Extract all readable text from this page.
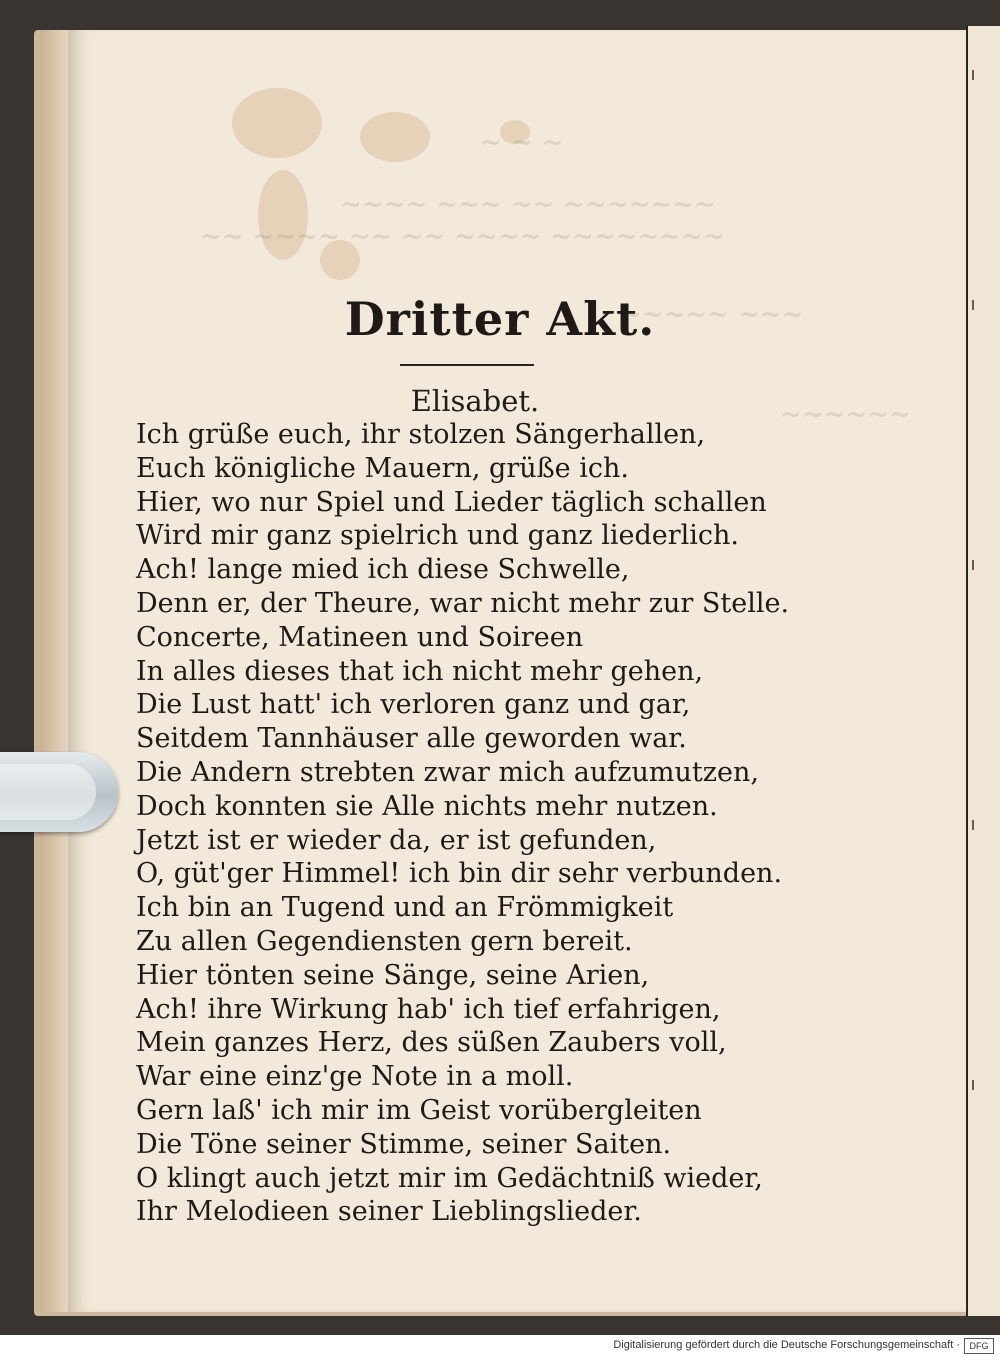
~ ~ ~
~~~~ ~~~ ~~ ~~~~~~~
~~ ~~~~ ~~ ~~ ~~~~ ~~~~~~~~
~~~~~ ~~~
~~~~~~
Dritter Akt.
Elisabet.
Ich grüße euch, ihr stolzen Sängerhallen,
Euch königliche Mauern, grüße ich.
Hier, wo nur Spiel und Lieder täglich schallen
Wird mir ganz spielrich und ganz liederlich.
Ach! lange mied ich diese Schwelle,
Denn er, der Theure, war nicht mehr zur Stelle.
Concerte, Matineen und Soireen
In alles dieses that ich nicht mehr gehen,
Die Lust hatt' ich verloren ganz und gar,
Seitdem Tannhäuser alle geworden war.
Die Andern strebten zwar mich aufzumutzen,
Doch konnten sie Alle nichts mehr nutzen.
Jetzt ist er wieder da, er ist gefunden,
O, güt'ger Himmel! ich bin dir sehr verbunden.
Ich bin an Tugend und an Frömmigkeit
Zu allen Gegendiensten gern bereit.
Hier tönten seine Sänge, seine Arien,
Ach! ihre Wirkung hab' ich tief erfahrigen,
Mein ganzes Herz, des süßen Zaubers voll,
War eine einz'ge Note in a moll.
Gern laß' ich mir im Geist vorübergleiten
Die Töne seiner Stimme, seiner Saiten.
O klingt auch jetzt mir im Gedächtniß wieder,
Ihr Melodieen seiner Lieblingslieder.
Digitalisierung gefördert durch die Deutsche Forschungsgemeinschaft ·	DFG
